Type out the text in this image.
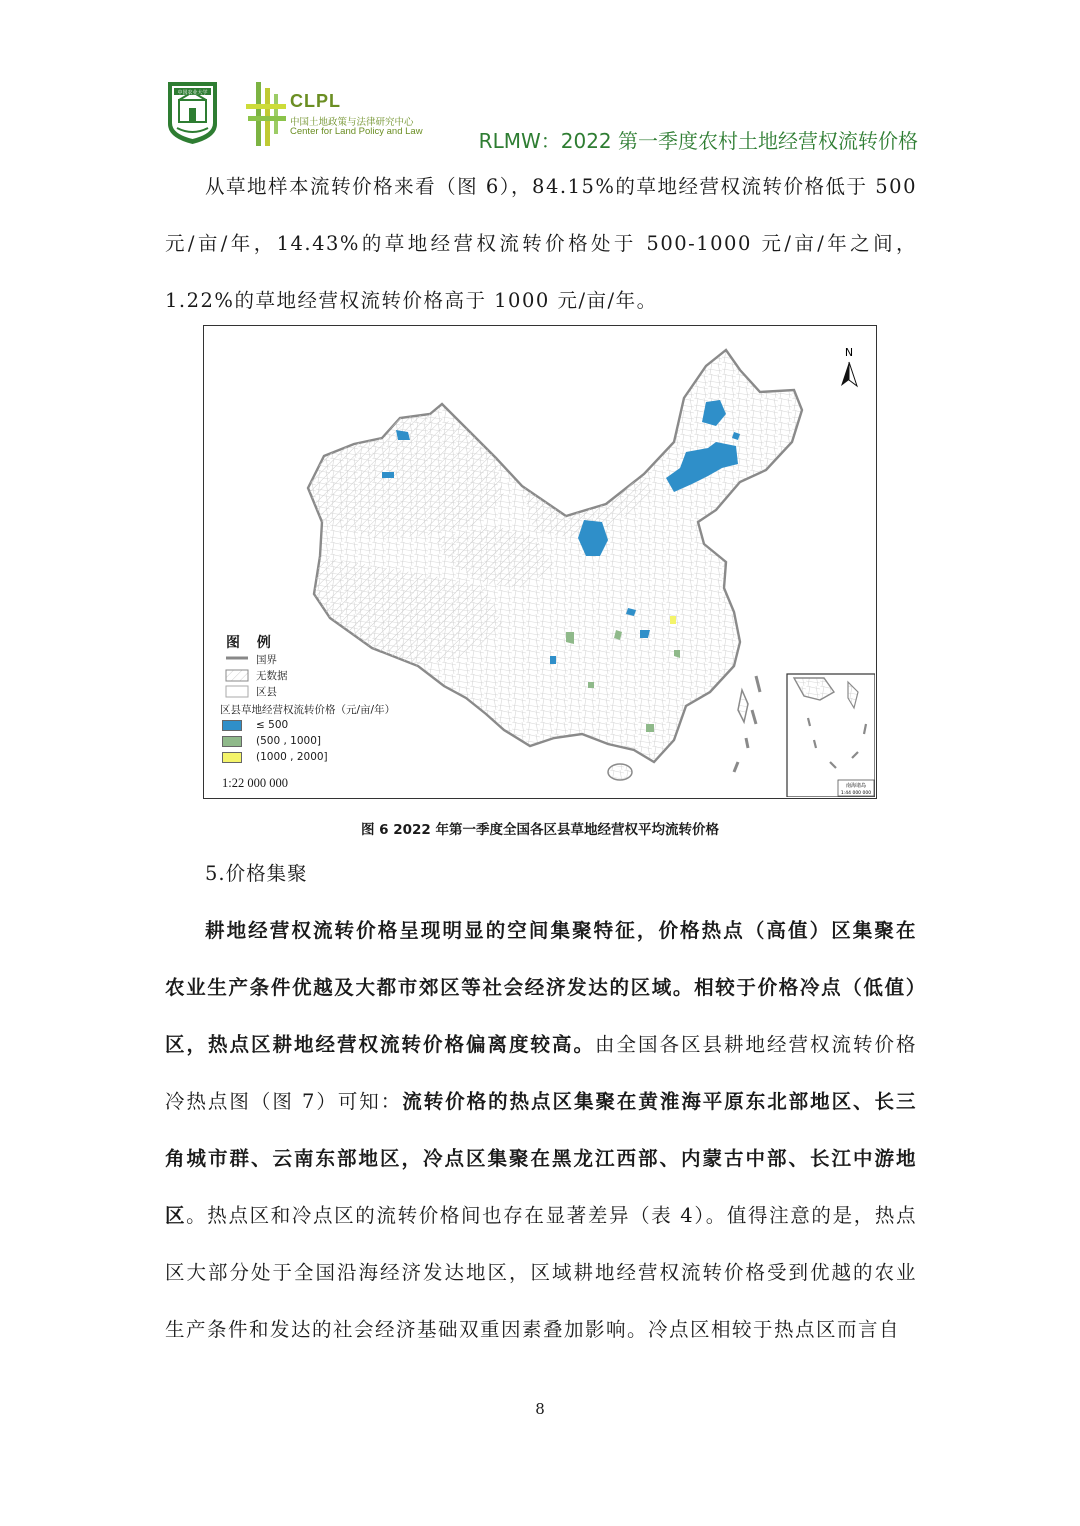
中国农业大学	CLPL
中国土地政策与法律研究中心
Center for Land Policy and Law	RLMW：2022 第一季度农村土地经营权流转价格
从草地样本流转价格来看（图 6），84.15%的草地经营权流转价格低于 500 元/亩/年，14.43%的草地经营权流转价格处于 500-1000 元/亩/年之间，1.22%的草地经营权流转价格高于 1000 元/亩/年。
N
南海诸岛
1:44 000 000
图 例
国界
无数据
区县
区县草地经营权流转价格（元/亩/年）
≤ 500
(500 , 1000]
(1000 , 2000]
1:22 000 000
图 6 2022 年第一季度全国各区县草地经营权平均流转价格
5.价格集聚
耕地经营权流转价格呈现明显的空间集聚特征，价格热点（高值）区集聚在农业生产条件优越及大都市郊区等社会经济发达的区域。相较于价格冷点（低值）区，热点区耕地经营权流转价格偏离度较高。由全国各区县耕地经营权流转价格冷热点图（图 7）可知：流转价格的热点区集聚在黄淮海平原东北部地区、长三角城市群、云南东部地区，冷点区集聚在黑龙江西部、内蒙古中部、长江中游地区。热点区和冷点区的流转价格间也存在显著差异（表 4）。值得注意的是，热点区大部分处于全国沿海经济发达地区，区域耕地经营权流转价格受到优越的农业生产条件和发达的社会经济基础双重因素叠加影响。冷点区相较于热点区而言自
8
